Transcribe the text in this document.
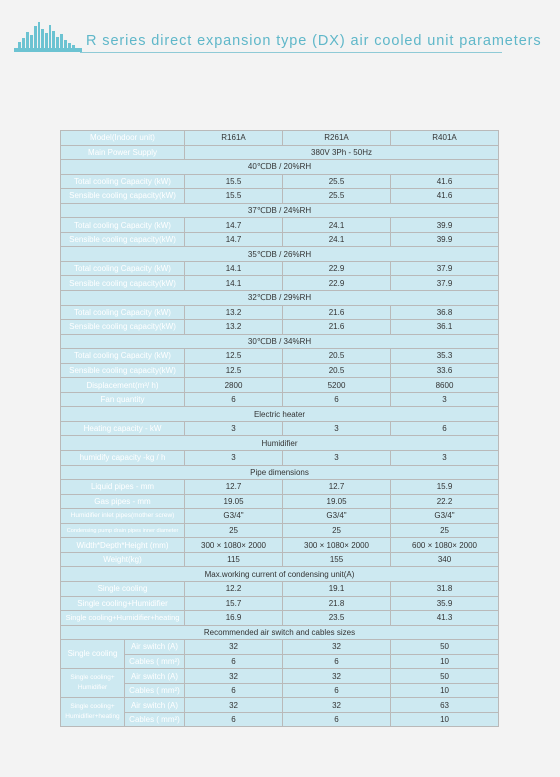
R series direct expansion type (DX) air cooled unit parameters
Model(Indoor unit)		R161A	R261A	R401A
Main Power Supply		380V 3Ph - 50Hz		
40℃DB / 20%RH				
Total cooling Capacity (kW)		15.5	25.5	41.6
Sensible cooling capacity(kW)		15.5	25.5	41.6
37℃DB / 24%RH				
Total cooling Capacity (kW)		14.7	24.1	39.9
Sensible cooling capacity(kW)		14.7	24.1	39.9
35℃DB / 26%RH				
Total cooling Capacity (kW)		14.1	22.9	37.9
Sensible cooling capacity(kW)		14.1	22.9	37.9
32℃DB / 29%RH				
Total cooling Capacity (kW)		13.2	21.6	36.8
Sensible cooling capacity(kW)		13.2	21.6	36.1
30℃DB / 34%RH				
Total cooling Capacity (kW)		12.5	20.5	35.3
Sensible cooling capacity(kW)		12.5	20.5	33.6
Displacement(m³/ h)		2800	5200	8600
Fan quantity		6	6	3
Electric heater				
Heating capacity - kW		3	3	6
Humidifier				
humidify capacity -kg / h		3	3	3
Pipe dimensions				
Liquid pipes - mm		12.7	12.7	15.9
Gas pipes - mm		19.05	19.05	22.2
Humidifier inlet pipes(mother screw)		G3/4"	G3/4"	G3/4"
Condensing pump drain pipes inner diameter		25	25	25
Width*Depth*Height (mm)		300 × 1080× 2000	300 × 1080× 2000	600 × 1080× 2000
Weight(kg)		115	155	340
Max.working current of condensing unit(A)				
Single cooling		12.2	19.1	31.8
Single cooling+Humidifier		15.7	21.8	35.9
Single cooling+Humidifier+heating		16.9	23.5	41.3
Recommended air switch and cables sizes				

Single cooling	Air switch (A)	32	32	50
	Cables ( mm²)	6	6	10

Single cooling+
Humidifier	Air switch (A)	32	32	50
	Cables ( mm²)	6	6	10

Single cooling+
Humidifier+heating	Air switch (A)	32	32	63
	Cables ( mm²)	6	6	10
